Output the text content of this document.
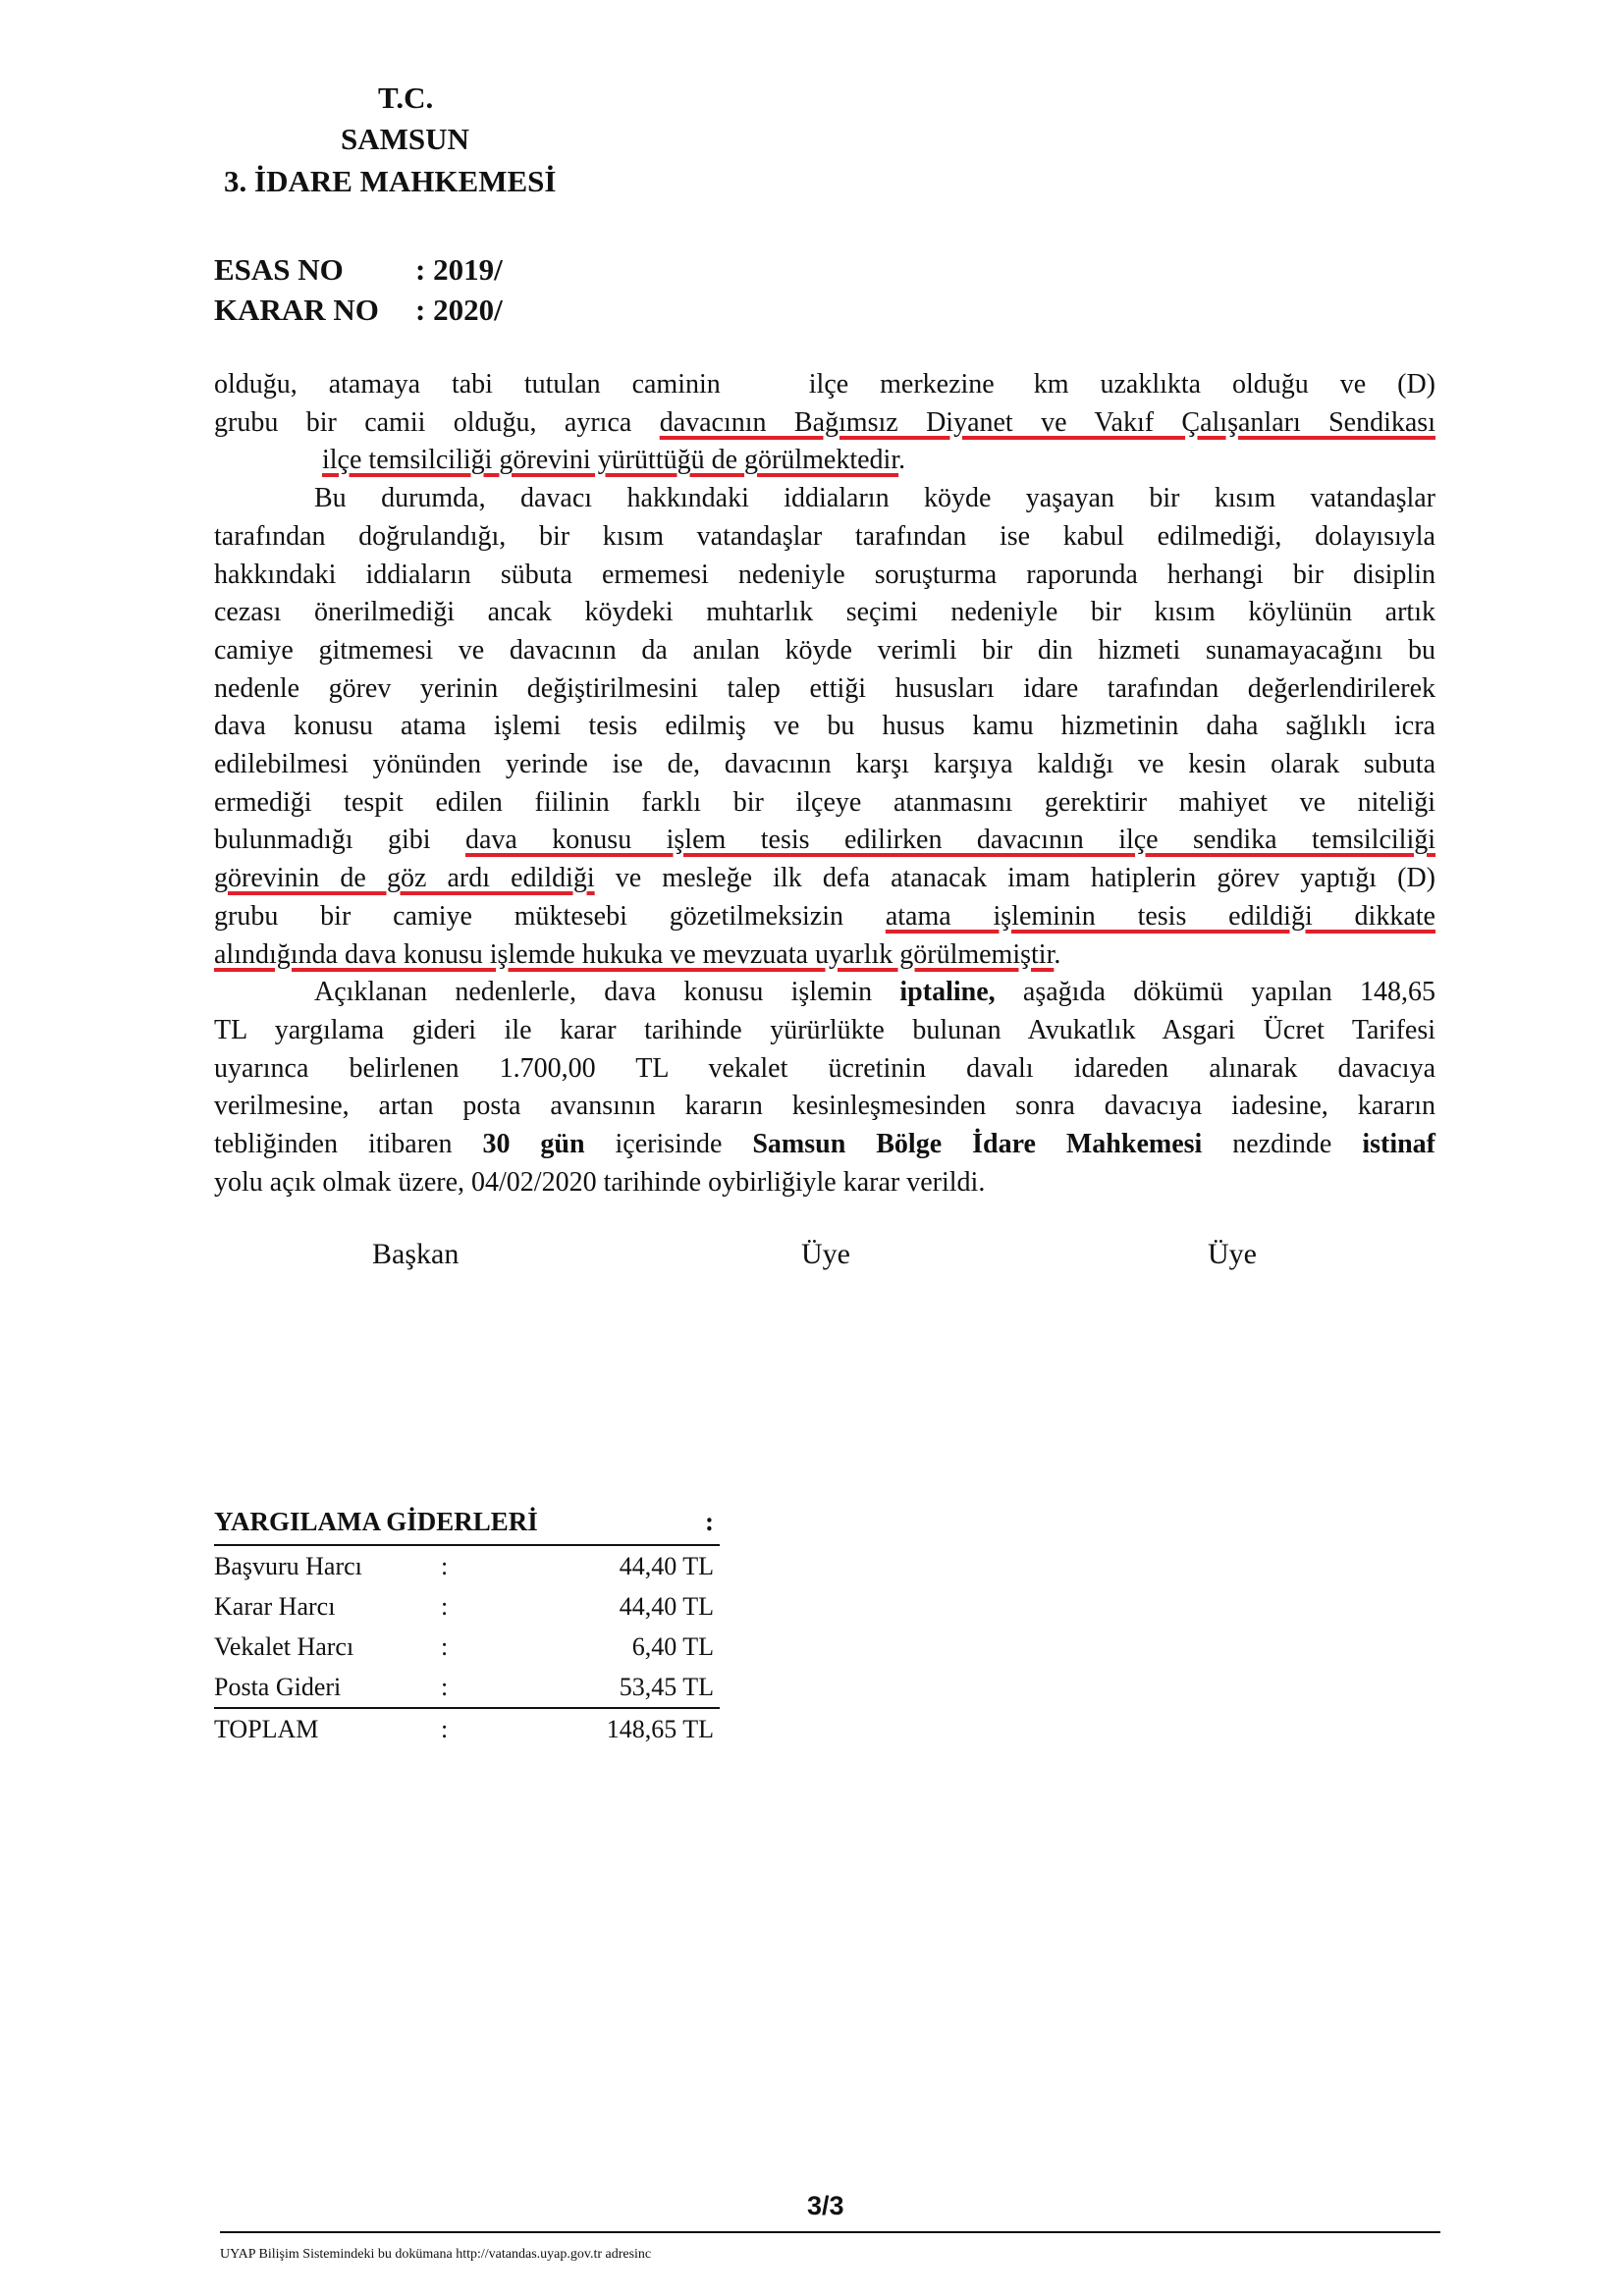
T.C.
SAMSUN
3. İDARE MAHKEMESİ
ESAS NO : 2019/
KARAR NO : 2020/

olduğu, atamaya tabi tutulan caminin	ilçe merkezine km uzaklıkta olduğu ve (D)
grubu bir camii olduğu, ayrıca davacının Bağımsız Diyanet ve Vakıf Çalışanları Sendikası
ilçe temsilciliği görevini yürüttüğü de görülmektedir.

Bu durumda, davacı hakkındaki iddiaların köyde yaşayan bir kısım vatandaşlar
tarafından doğrulandığı, bir kısım vatandaşlar tarafından ise kabul edilmediği, dolayısıyla
hakkındaki iddiaların sübuta ermemesi nedeniyle soruşturma raporunda herhangi bir disiplin
cezası önerilmediği ancak köydeki muhtarlık seçimi nedeniyle bir kısım köylünün artık
camiye gitmemesi ve davacının da anılan köyde verimli bir din hizmeti sunamayacağını bu
nedenle görev yerinin değiştirilmesini talep ettiği hususları idare tarafından değerlendirilerek
dava konusu atama işlemi tesis edilmiş ve bu husus kamu hizmetinin daha sağlıklı icra
edilebilmesi yönünden yerinde ise de, davacının karşı karşıya kaldığı ve kesin olarak subuta
ermediği tespit edilen fiilinin farklı bir ilçeye atanmasını gerektirir mahiyet ve niteliği
bulunmadığı gibi dava konusu işlem tesis edilirken davacının ilçe sendika temsilciliği
görevinin de göz ardı edildiği ve mesleğe ilk defa atanacak imam hatiplerin görev yaptığı (D)
grubu bir camiye müktesebi gözetilmeksizin atama işleminin tesis edildiği dikkate
alındığında dava konusu işlemde hukuka ve mevzuata uyarlık görülmemiştir.

Açıklanan nedenlerle, dava konusu işlemin iptaline, aşağıda dökümü yapılan 148,65
TL yargılama gideri ile karar tarihinde yürürlükte bulunan Avukatlık Asgari Ücret Tarifesi
uyarınca belirlenen 1.700,00 TL vekalet ücretinin davalı idareden alınarak davacıya
verilmesine, artan posta avansının kararın kesinleşmesinden sonra davacıya iadesine, kararın
tebliğinden itibaren 30 gün içerisinde Samsun Bölge İdare Mahkemesi nezdinde istinaf
yolu açık olmak üzere, 04/02/2020 tarihinde oybirliğiyle karar verildi.

Başkan	Üye	Üye
YARGILAMA GİDERLERİ	:
Başvuru Harcı	:	44,40 TL
Karar Harcı	:	44,40 TL
Vekalet Harcı	:	6,40 TL
Posta Gideri	:	53,45 TL
TOPLAM	:	148,65 TL
3/3
UYAP Bilişim Sistemindeki bu dokümana http://vatandas.uyap.gov.tr adresinc
